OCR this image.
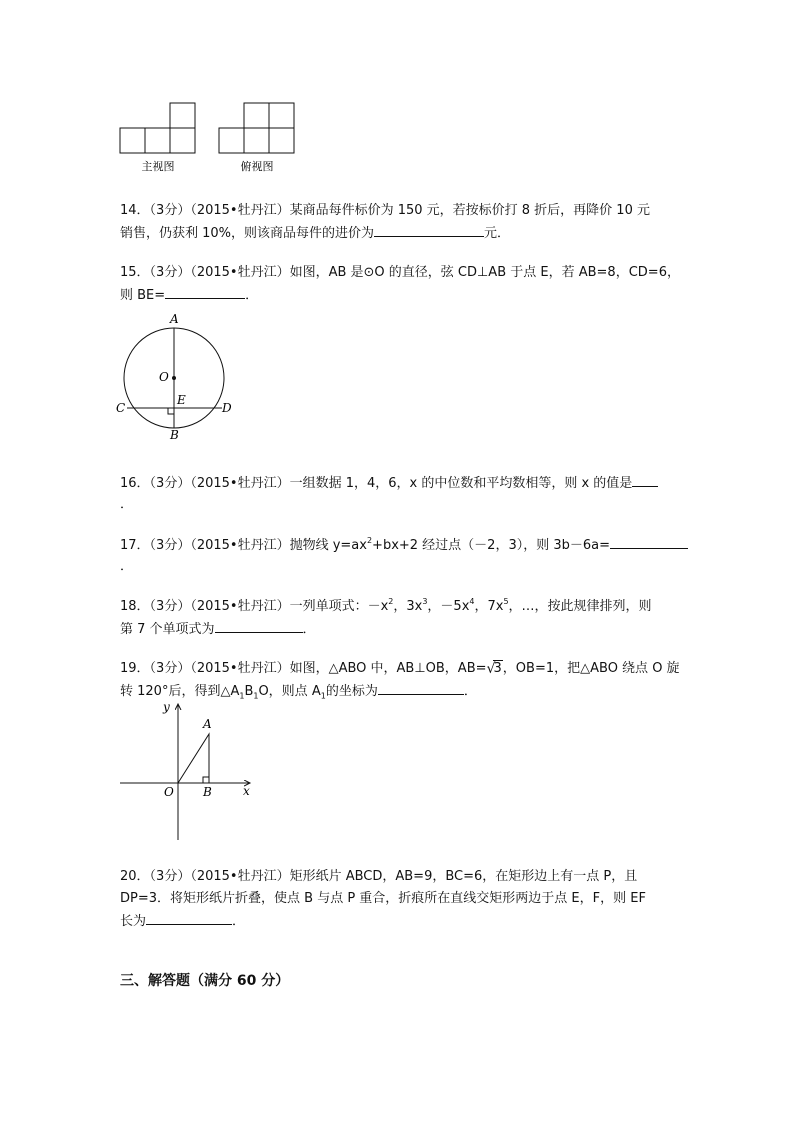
主视图	俯视图
14．（3分）（2015•牡丹江）某商品每件标价为 150 元，若按标价打 8 折后，再降价 10 元
销售，仍获利 10%，则该商品每件的进价为	元．
15．（3分）（2015•牡丹江）如图，AB 是⊙O 的直径，弦 CD⊥AB 于点 E，若 AB=8，CD=6，
则 BE=	．
A
O
E
C	D
B
16．（3分）（2015•牡丹江）一组数据 1，4，6，x 的中位数和平均数相等，则 x 的值是
．
17．（3分）（2015•牡丹江）抛物线 $y=ax^2+bx+2$ 经过点（－2，3），则 3b－6a=
．
18．（3分）（2015•牡丹江）一列单项式：$-x^2$，$3x^3$，$-5x^4$，$7x^5$，…，按此规律排列，则
第 7 个单项式为	．
19．（3分）（2015•牡丹江）如图，△ABO 中，AB⊥OB，AB= √
3，OB=1，把△ABO 绕点 O 旋
转 120°后，得到$\triangle A_1B_1O$，则点 $A_1$的坐标为	．
y
A
O B	x
20．（3分）（2015•牡丹江）矩形纸片 ABCD，AB=9，BC=6，在矩形边上有一点 P，且
DP=3．将矩形纸片折叠，使点 B 与点 P 重合，折痕所在直线交矩形两边于点 E，F，则 EF
长为	．
三、解答题（满分 60 分）
